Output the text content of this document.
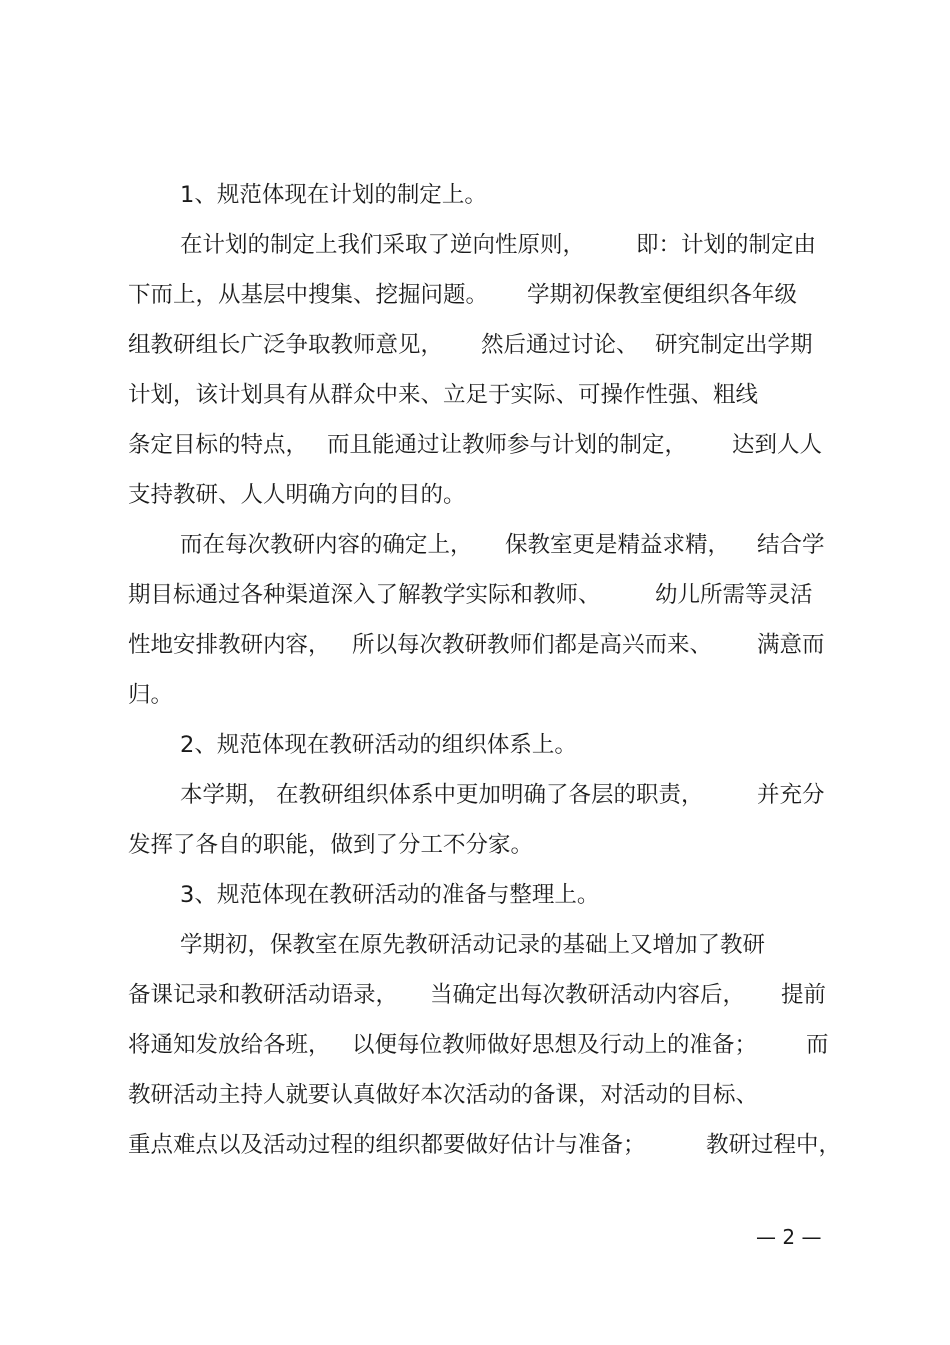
1、规范体现在计划的制定上。
在计划的制定上我们采取了逆向性原则， 即：计划的制定由
下而上，从基层中搜集、挖掘问题。 学期初保教室便组织各年级
组教研组长广泛争取教师意见， 然后通过讨论、 研究制定出学期
计划，该计划具有从群众中来、立足于实际、可操作性强、粗线
条定目标的特点， 而且能通过让教师参与计划的制定， 达到人人
支持教研、人人明确方向的目的。
而在每次教研内容的确定上， 保教室更是精益求精， 结合学
期目标通过各种渠道深入了解教学实际和教师、 幼儿所需等灵活
性地安排教研内容， 所以每次教研教师们都是高兴而来、 满意而
归。
2、规范体现在教研活动的组织体系上。
本学期， 在教研组织体系中更加明确了各层的职责， 并充分
发挥了各自的职能，做到了分工不分家。
3、规范体现在教研活动的准备与整理上。
学期初，保教室在原先教研活动记录的基础上又增加了教研
备课记录和教研活动语录， 当确定出每次教研活动内容后， 提前
将通知发放给各班， 以便每位教师做好思想及行动上的准备； 而
教研活动主持人就要认真做好本次活动的备课，对活动的目标、
重点难点以及活动过程的组织都要做好估计与准备；	教研过程中，
— 2 —
